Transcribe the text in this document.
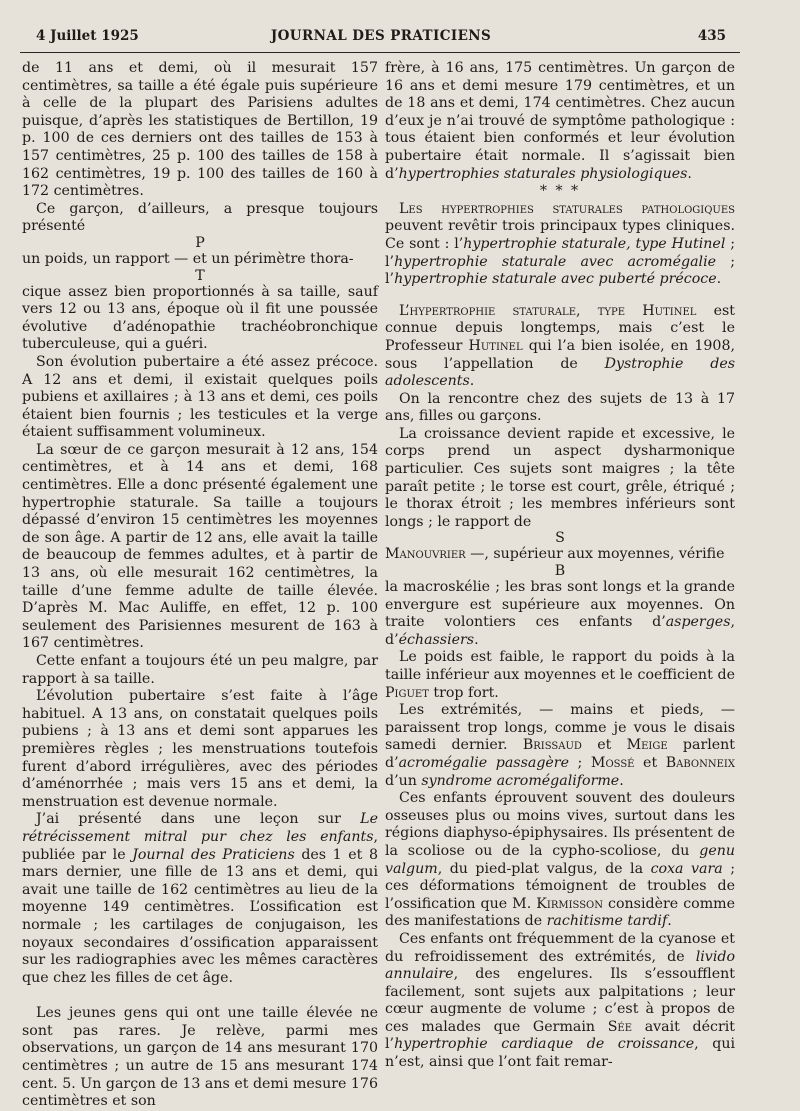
4 Juillet 1925	JOURNAL DES PRATICIENS	435

de 11 ans et demi, où il mesurait 157 centimètres, sa taille a été égale puis supérieure à celle de la plupart des Parisiens adultes puisque, d’après les statistiques de Bertillon, 19 p. 100 de ces derniers ont des tailles de 153 à 157 centimètres, 25 p. 100 des tailles de 158 à 162 centimètres, 19 p. 100 des tailles de 160 à 172 centimètres.

Ce garçon, d’ailleurs, a presque toujours présenté

P

un poids, un rapport — et un périmètre thora-

T

cique assez bien proportionnés à sa taille, sauf vers 12 ou 13 ans, époque où il fit une poussée évolutive d’adénopathie trachéobronchique tuberculeuse, qui a guéri.

Son évolution pubertaire a été assez précoce. A 12 ans et demi, il existait quelques poils pubiens et axillaires ; à 13 ans et demi, ces poils étaient bien fournis ; les testicules et la verge étaient suffisamment volumineux.

La sœur de ce garçon mesurait à 12 ans, 154 centimètres, et à 14 ans et demi, 168 centimètres. Elle a donc présenté également une hypertrophie staturale. Sa taille a toujours dépassé d’environ 15 centimètres les moyennes de son âge. A partir de 12 ans, elle avait la taille de beaucoup de femmes adultes, et à partir de 13 ans, où elle mesurait 162 centimètres, la taille d’une femme adulte de taille élevée. D’après M. Mac Auliffe, en effet, 12 p. 100 seulement des Parisiennes mesurent de 163 à 167 centimètres.

Cette enfant a toujours été un peu malgre, par rapport à sa taille.

L’évolution pubertaire s’est faite à l’âge habituel. A 13 ans, on constatait quelques poils pubiens ; à 13 ans et demi sont apparues les premières règles ; les menstruations toutefois furent d’abord irrégulières, avec des périodes d’aménorrhée ; mais vers 15 ans et demi, la menstruation est devenue normale.

J’ai présenté dans une leçon sur Le rétrécissement mitral pur chez les enfants, publiée par le Journal des Praticiens des 1 et 8 mars dernier, une fille de 13 ans et demi, qui avait une taille de 162 centimètres au lieu de la moyenne 149 centimètres. L’ossification est normale ; les cartilages de conjugaison, les noyaux secondaires d’ossification apparaissent sur les radiographies avec les mêmes caractères que chez les filles de cet âge.

Les jeunes gens qui ont une taille élevée ne sont pas rares. Je relève, parmi mes observations, un garçon de 14 ans mesurant 170 centimètres ; un autre de 15 ans mesurant 174 cent. 5. Un garçon de 13 ans et demi mesure 176 centimètres et son

frère, à 16 ans, 175 centimètres. Un garçon de 16 ans et demi mesure 179 centimètres, et un de 18 ans et demi, 174 centimètres. Chez aucun d’eux je n’ai trouvé de symptôme pathologique : tous étaient bien conformés et leur évolution pubertaire était normale. Il s’agissait bien d’hypertrophies staturales physiologiques.

* * *

Les hypertrophies staturales pathologiques peuvent revêtir trois principaux types cliniques. Ce sont : l’hypertrophie staturale, type Hutinel ; l’hypertrophie staturale avec acromégalie ; l’hypertrophie staturale avec puberté précoce.

L’hypertrophie staturale, type Hutinel est connue depuis longtemps, mais c’est le Professeur Hutinel qui l’a bien isolée, en 1908, sous l’appellation de Dystrophie des adolescents.

On la rencontre chez des sujets de 13 à 17 ans, filles ou garçons.

La croissance devient rapide et excessive, le corps prend un aspect dysharmonique particulier. Ces sujets sont maigres ; la tête paraît petite ; le torse est court, grêle, étriqué ; le thorax étroit ; les membres inférieurs sont longs ; le rapport de

S

Manouvrier —, supérieur aux moyennes, vérifie

B

la macroskélie ; les bras sont longs et la grande envergure est supérieure aux moyennes. On traite volontiers ces enfants d’asperges, d’échassiers.

Le poids est faible, le rapport du poids à la taille inférieur aux moyennes et le coefficient de Piguet trop fort.

Les extrémités, — mains et pieds, — paraissent trop longs, comme je vous le disais samedi dernier. Brissaud et Meige parlent d’acromégalie passagère ; Mossé et Babonneix d’un syndrome acromégaliforme.

Ces enfants éprouvent souvent des douleurs osseuses plus ou moins vives, surtout dans les régions diaphyso-épiphysaires. Ils présentent de la scoliose ou de la cypho-scoliose, du genu valgum, du pied-plat valgus, de la coxa vara ; ces déformations témoignent de troubles de l’ossification que M. Kirmisson considère comme des manifestations de rachitisme tardif.

Ces enfants ont fréquemment de la cyanose et du refroidissement des extrémités, de livido annulaire, des engelures. Ils s’essoufflent facilement, sont sujets aux palpitations ; leur cœur augmente de volume ; c’est à propos de ces malades que Germain Sée avait décrit l’hypertrophie cardiaque de croissance, qui n’est, ainsi que l’ont fait remar-
